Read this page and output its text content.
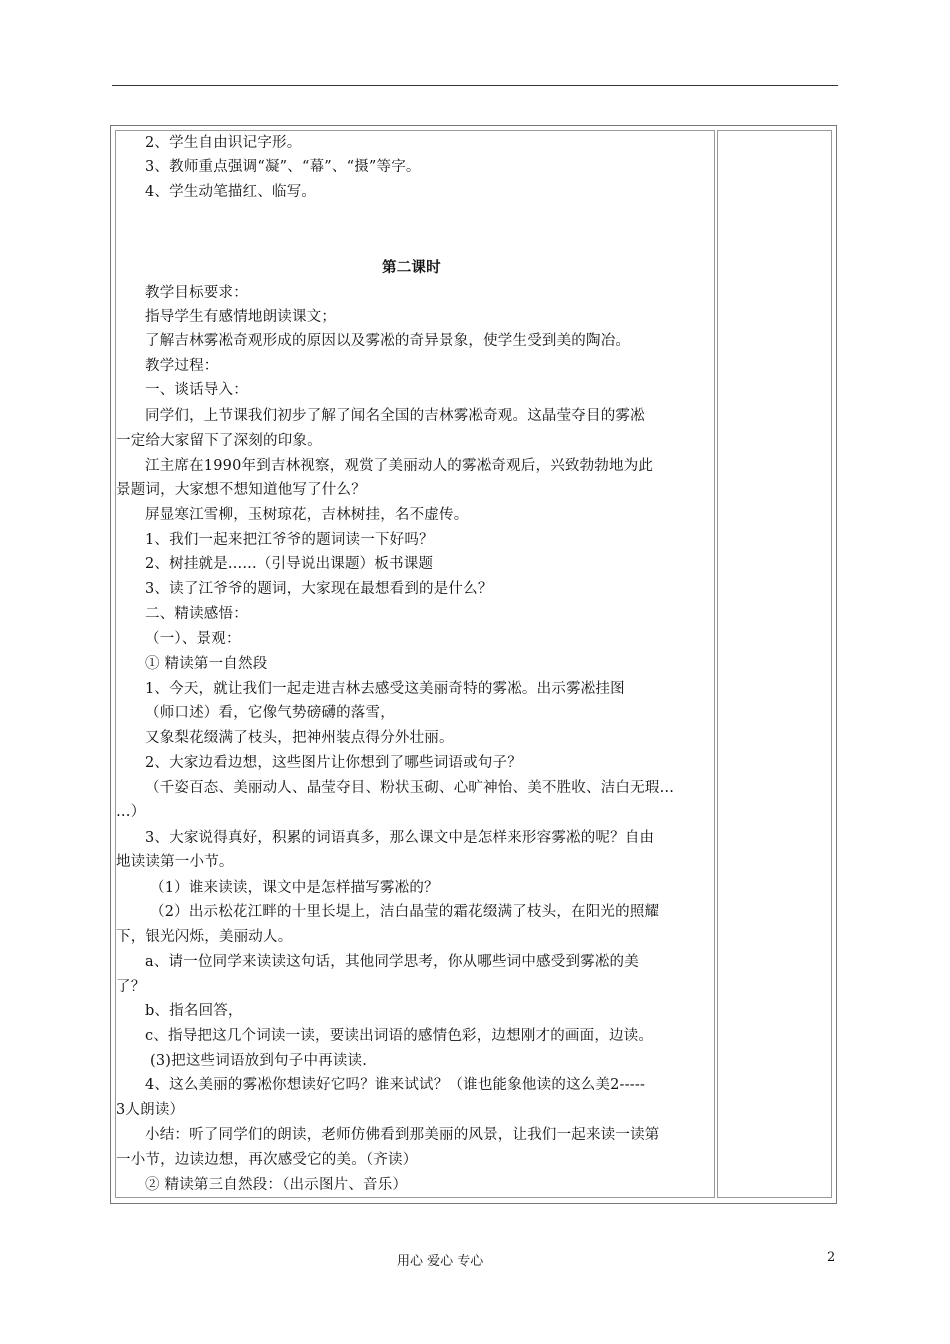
2、学生自由识记字形。
3、教师重点强调“凝”、“幕”、“摄”等字。
4、学生动笔描红、临写。
第二课时
教学目标要求：
指导学生有感情地朗读课文；
了解吉林雾凇奇观形成的原因以及雾凇的奇异景象，使学生受到美的陶冶。
教学过程：
一、谈话导入：
同学们，上节课我们初步了解了闻名全国的吉林雾凇奇观。这晶莹夺目的雾凇
一定给大家留下了深刻的印象。
江主席在1990年到吉林视察，观赏了美丽动人的雾凇奇观后，兴致勃勃地为此
景题词，大家想不想知道他写了什么？
屏显寒江雪柳，玉树琼花，吉林树挂，名不虚传。
1、我们一起来把江爷爷的题词读一下好吗？
2、树挂就是......（引导说出课题）板书课题
3、读了江爷爷的题词，大家现在最想看到的是什么？
二、精读感悟：
（一）、景观：
① 精读第一自然段
1、今天，就让我们一起走进吉林去感受这美丽奇特的雾凇。出示雾凇挂图
（师口述）看，它像气势磅礴的落雪，
又象梨花缀满了枝头，把神州装点得分外壮丽。
2、大家边看边想，这些图片让你想到了哪些词语或句子？
（千姿百态、美丽动人、晶莹夺目、粉状玉砌、心旷神怡、美不胜收、洁白无瑕…
…）
3、大家说得真好，积累的词语真多，那么课文中是怎样来形容雾凇的呢？自由
地读读第一小节。
（1）谁来读读，课文中是怎样描写雾凇的？
（2）出示松花江畔的十里长堤上，洁白晶莹的霜花缀满了枝头，在阳光的照耀
下，银光闪烁，美丽动人。
a、请一位同学来读读这句话，其他同学思考，你从哪些词中感受到雾凇的美
了？
b、指名回答，
c、指导把这几个词读一读，要读出词语的感情色彩，边想刚才的画面，边读。
(3)把这些词语放到句子中再读读.
4、这么美丽的雾凇你想读好它吗？谁来试试？（谁也能象他读的这么美2-----
3人朗读）
小结：听了同学们的朗读，老师仿佛看到那美丽的风景，让我们一起来读一读第
一小节，边读边想，再次感受它的美。（齐读）
② 精读第三自然段：（出示图片、音乐）
用心 爱心 专心	2
